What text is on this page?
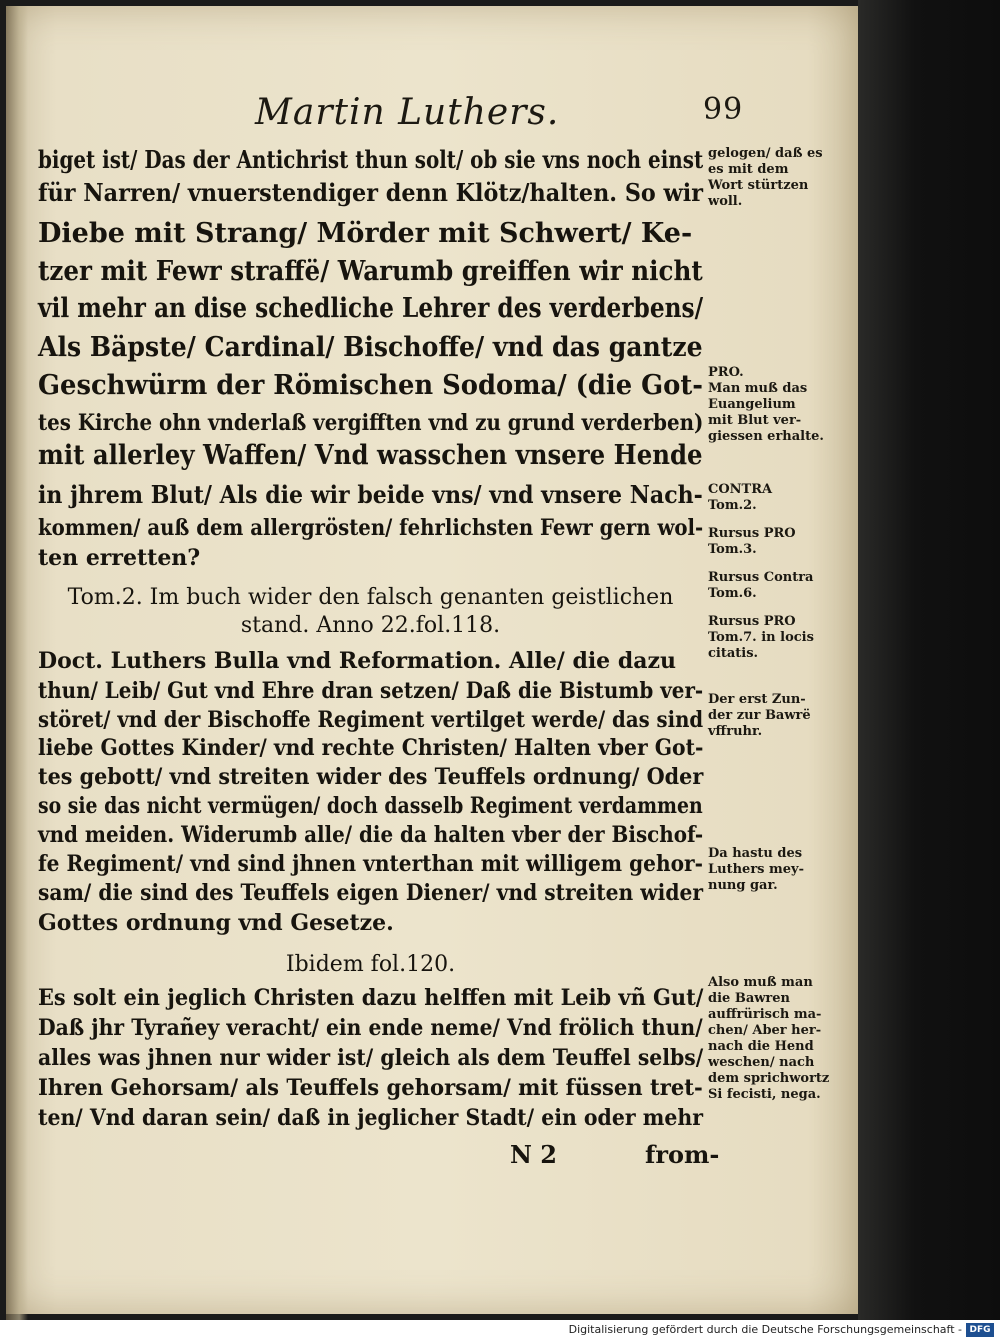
Martin Luthers.	99
biget ist/ Das der Antichrist thun solt/ ob sie vns noch einst
für Narren/ vnuerstendiger denn Klötz/halten. So wir
Diebe mit Strang/ Mörder mit Schwert/ Ke-
tzer mit Fewr straffë/ Warumb greiffen wir nicht
vil mehr an dise schedliche Lehrer des verderbens/
Als Bäpste/ Cardinal/ Bischoffe/ vnd das gantze
Geschwürm der Römischen Sodoma/ (die Got-
tes Kirche ohn vnderlaß vergifften vnd zu grund verderben)
mit allerley Waffen/ Vnd wasschen vnsere Hende
in jhrem Blut/ Als die wir beide vns/ vnd vnsere Nach-
kommen/ auß dem allergrösten/ fehrlichsten Fewr gern wol-
ten erretten?
Tom.2. Im buch wider den falsch genanten geistlichen
stand. Anno 22.fol.118.
Doct. Luthers Bulla vnd Reformation. Alle/ die dazu
thun/ Leib/ Gut vnd Ehre dran setzen/ Daß die Bistumb ver-
störet/ vnd der Bischoffe Regiment vertilget werde/ das sind
liebe Gottes Kinder/ vnd rechte Christen/ Halten vber Got-
tes gebott/ vnd streiten wider des Teuffels ordnung/ Oder
so sie das nicht vermügen/ doch dasselb Regiment verdammen
vnd meiden. Widerumb alle/ die da halten vber der Bischof-
fe Regiment/ vnd sind jhnen vnterthan mit willigem gehor-
sam/ die sind des Teuffels eigen Diener/ vnd streiten wider
Gottes ordnung vnd Gesetze.
Ibidem fol.120.
Es solt ein jeglich Christen dazu helffen mit Leib vñ Gut/
Daß jhr Tyrañey veracht/ ein ende neme/ Vnd frölich thun/
alles was jhnen nur wider ist/ gleich als dem Teuffel selbs/
Ihren Gehorsam/ als Teuffels gehorsam/ mit füssen tret-
ten/ Vnd daran sein/ daß in jeglicher Stadt/ ein oder mehr
N 2	from-
gelogen/ daß es
es mit dem
Wort stürtzen
woll.
PRO.
Man muß das
Euangelium
mit Blut ver-
giessen erhalte.
CONTRA
Tom.2.
Rursus PRO
Tom.3.
Rursus Contra
Tom.6.
Rursus PRO
Tom.7. in locis
citatis.
Der erst Zun-
der zur Bawrë
vffruhr.
Da hastu des
Luthers mey-
nung gar.
Also muß man
die Bawren
auffrürisch ma-
chen/ Aber her-
nach die Hend
weschen/ nach
dem sprichwortz
Si fecisti, nega.
Digitalisierung gefördert durch die Deutsche Forschungsgemeinschaft - DFG
